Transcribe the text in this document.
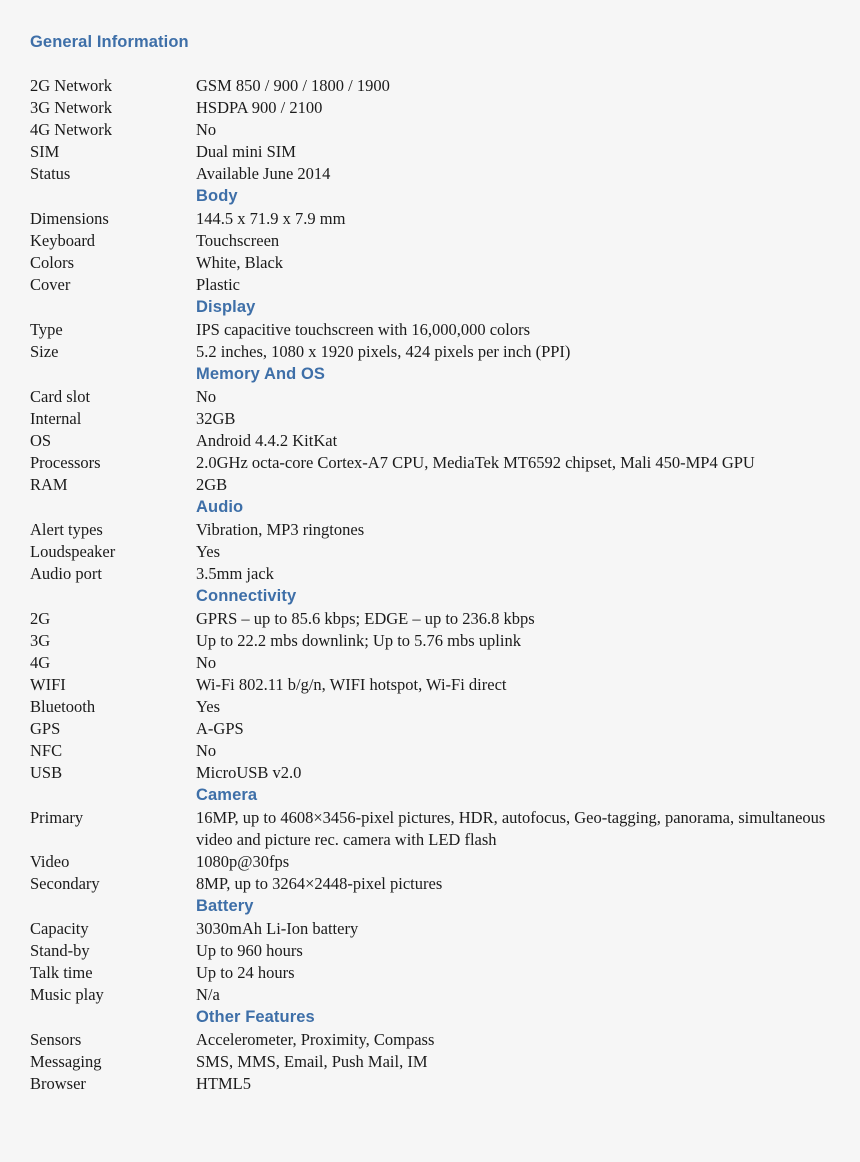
General Information	
2G Network	GSM 850 / 900 / 1800 / 1900
3G Network	HSDPA 900 / 2100
4G Network	No
SIM	Dual mini SIM
Status	Available June 2014
	Body
Dimensions	144.5 x 71.9 x 7.9 mm
Keyboard	Touchscreen
Colors	White, Black
Cover	Plastic
	Display
Type	IPS capacitive touchscreen with 16,000,000 colors
Size	5.2 inches, 1080 x 1920 pixels, 424 pixels per inch (PPI)
	Memory And OS
Card slot	No
Internal	32GB
OS	Android 4.4.2 KitKat
Processors	2.0GHz octa-core Cortex-A7 CPU, MediaTek MT6592 chipset, Mali 450-MP4 GPU
RAM	2GB
	Audio
Alert types	Vibration, MP3 ringtones
Loudspeaker	Yes
Audio port	3.5mm jack
	Connectivity
2G	GPRS – up to 85.6 kbps; EDGE – up to 236.8 kbps
3G	Up to 22.2 mbs downlink; Up to 5.76 mbs uplink
4G	No
WIFI	Wi-Fi 802.11 b/g/n, WIFI hotspot, Wi-Fi direct
Bluetooth	Yes
GPS	A-GPS
NFC	No
USB	MicroUSB v2.0
	Camera
Primary	16MP, up to 4608×3456-pixel pictures, HDR, autofocus, Geo-tagging, panorama, simultaneous video and picture rec. camera with LED flash
Video	1080p@30fps
Secondary	8MP, up to 3264×2448-pixel pictures
	Battery
Capacity	3030mAh Li-Ion battery
Stand-by	Up to 960 hours
Talk time	Up to 24 hours
Music play	N/a
	Other Features
Sensors	Accelerometer, Proximity, Compass
Messaging	SMS, MMS, Email, Push Mail, IM
Browser	HTML5
